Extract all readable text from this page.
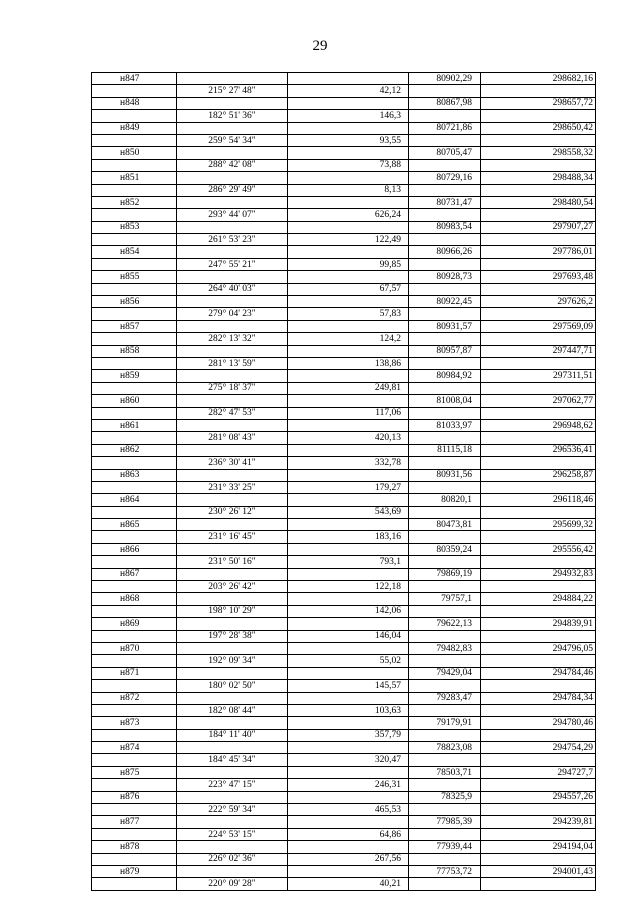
29
н847			80902,29	298682,16
	215° 27' 48"	42,12		
н848			80867,98	298657,72
	182° 51' 36"	146,3		
н849			80721,86	298650,42
	259° 54' 34"	93,55		
н850			80705,47	298558,32
	288° 42' 08"	73,88		
н851			80729,16	298488,34
	286° 29' 49"	8,13		
н852			80731,47	298480,54
	293° 44' 07"	626,24		
н853			80983,54	297907,27
	261° 53' 23"	122,49		
н854			80966,26	297786,01
	247° 55' 21"	99,85		
н855			80928,73	297693,48
	264° 40' 03"	67,57		
н856			80922,45	297626,2
	279° 04' 23"	57,83		
н857			80931,57	297569,09
	282° 13' 32"	124,2		
н858			80957,87	297447,71
	281° 13' 59"	138,86		
н859			80984,92	297311,51
	275° 18' 37"	249,81		
н860			81008,04	297062,77
	282° 47' 53"	117,06		
н861			81033,97	296948,62
	281° 08' 43"	420,13		
н862			81115,18	296536,41
	236° 30' 41"	332,78		
н863			80931,56	296258,87
	231° 33' 25"	179,27		
н864			80820,1	296118,46
	230° 26' 12"	543,69		
н865			80473,81	295699,32
	231° 16' 45"	183,16		
н866			80359,24	295556,42
	231° 50' 16"	793,1		
н867			79869,19	294932,83
	203° 26' 42"	122,18		
н868			79757,1	294884,22
	198° 10' 29"	142,06		
н869			79622,13	294839,91
	197° 28' 38"	146,04		
н870			79482,83	294796,05
	192° 09' 34"	55,02		
н871			79429,04	294784,46
	180° 02' 50"	145,57		
н872			79283,47	294784,34
	182° 08' 44"	103,63		
н873			79179,91	294780,46
	184° 11' 40"	357,79		
н874			78823,08	294754,29
	184° 45' 34"	320,47		
н875			78503,71	294727,7
	223° 47' 15"	246,31		
н876			78325,9	294557,26
	222° 59' 34"	465,53		
н877			77985,39	294239,81
	224° 53' 15"	64,86		
н878			77939,44	294194,04
	226° 02' 36"	267,56		
н879			77753,72	294001,43
	220° 09' 28"	40,21		
